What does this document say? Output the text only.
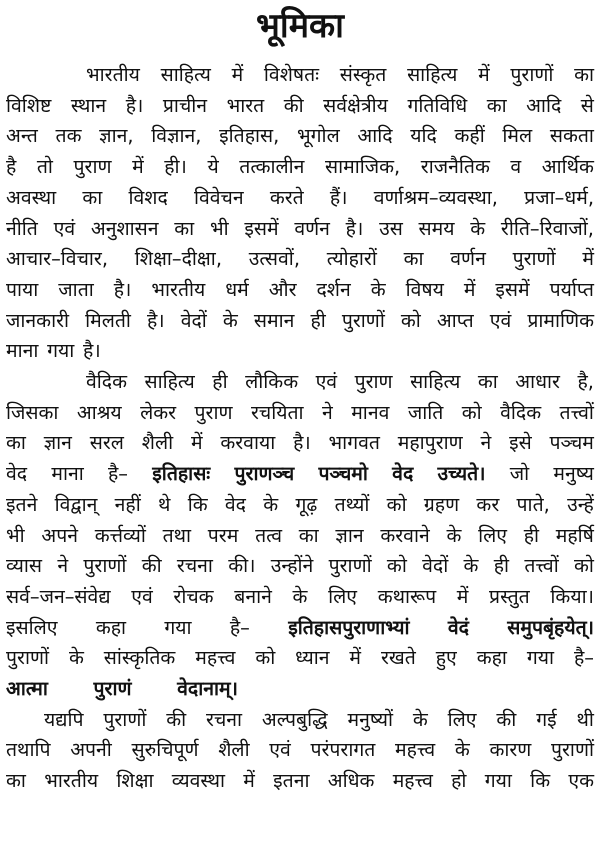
भूमिका
भारतीय साहित्य में विशेषतः संस्कृत साहित्य में पुराणों का
विशिष्ट स्थान है। प्राचीन भारत की सर्वक्षेत्रीय गतिविधि का आदि से
अन्त तक ज्ञान, विज्ञान, इतिहास, भूगोल आदि यदि कहीं मिल सकता
है तो पुराण में ही। ये तत्कालीन सामाजिक, राजनैतिक व आर्थिक
अवस्था का विशद विवेचन करते हैं। वर्णाश्रम–व्यवस्था, प्रजा–धर्म,
नीति एवं अनुशासन का भी इसमें वर्णन है। उस समय के रीति–रिवाजों,
आचार–विचार, शिक्षा–दीक्षा, उत्सवों, त्योहारों का वर्णन पुराणों में
पाया जाता है। भारतीय धर्म और दर्शन के विषय में इसमें पर्याप्त
जानकारी मिलती है। वेदों के समान ही पुराणों को आप्त एवं प्रामाणिक
माना गया है।
वैदिक साहित्य ही लौकिक एवं पुराण साहित्य का आधार है,
जिसका आश्रय लेकर पुराण रचयिता ने मानव जाति को वैदिक तत्त्वों
का ज्ञान सरल शैली में करवाया है। भागवत महापुराण ने इसे पञ्चम
वेद माना है– इतिहासः पुराणञ्च पञ्चमो वेद उच्यते। जो मनुष्य
इतने विद्वान् नहीं थे कि वेद के गूढ़ तथ्यों को ग्रहण कर पाते, उन्हें
भी अपने कर्त्तव्यों तथा परम तत्व का ज्ञान करवाने के लिए ही महर्षि
व्यास ने पुराणों की रचना की। उन्होंने पुराणों को वेदों के ही तत्त्वों को
सर्व–जन–संवेद्य एवं रोचक बनाने के लिए कथारूप में प्रस्तुत किया।
इसलिए कहा गया है– इतिहासपुराणाभ्यां वेदं समुपबृंहयेत्।
पुराणों के सांस्कृतिक महत्त्व को ध्यान में रखते हुए कहा गया है–
आत्मा पुराणं वेदानाम्।
यद्यपि पुराणों की रचना अल्पबुद्धि मनुष्यों के लिए की गई थी
तथापि अपनी सुरुचिपूर्ण शैली एवं परंपरागत महत्त्व के कारण पुराणों
का भारतीय शिक्षा व्यवस्था में इतना अधिक महत्त्व हो गया कि एक
